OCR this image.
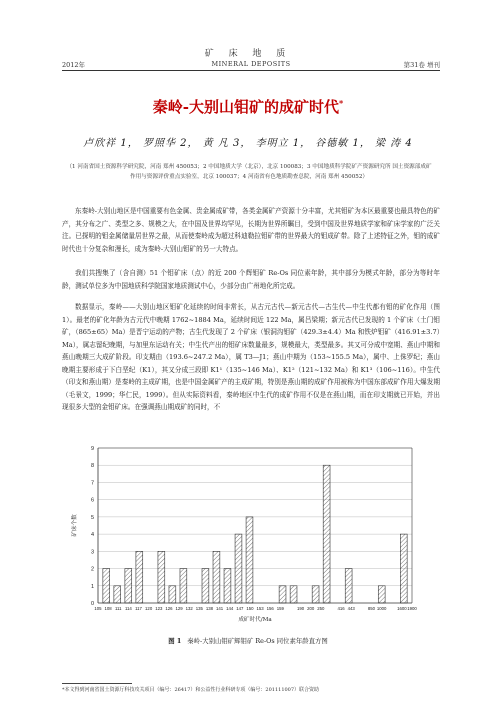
矿 床 地 质
2012年	MINERAL DEPOSITS	第31卷 增刊
秦岭-大别山钼矿的成矿时代*
卢欣祥 1， 罗照华 2， 黄 凡 3， 李明立 1， 谷德敏 1， 梁 涛 4
（1 河南省国土资源科学研究院，河南 郑州 450053；2 中国地质大学（北京），北京 100083；3 中国地质科学院矿产资源研究所 国土资源部成矿作用与资源评价重点实验室，北京 100037；4 河南省有色地质勘查总院，河南 郑州 450052）

东秦岭-大别山地区是中国重要有色金属、贵金属成矿带，各类金属矿产资源十分丰富，尤其钼矿为本区最重要也最具特色的矿产，其分布之广、类型之多、规模之大，在中国及世界均罕见，长期为世界所瞩目，受到中国及世界地质学家和矿床学家的广泛关注。已探明的钼金属储量居世界之最，从而使秦岭成为超过科迪勒拉钼矿带的世界最大的钼成矿带。除了上述特征之外，钼的成矿时代也十分复杂和漫长，成为秦岭-大别山钼矿的另一大特点。

我们共搜集了（含自测）51 个钼矿床（点）的近 200 个辉钼矿 Re-Os 同位素年龄，其中部分为模式年龄，部分为等时年龄，测试单位多为中国地质科学院国家地质测试中心，少部分由广州地化所完成。

数据显示，秦岭——大别山地区钼矿化延续的时间非常长，从古元古代—新元古代—古生代—中生代都有钼的矿化作用（图 1）。最老的矿化年龄为古元代中晚期 1762~1884 Ma，延续时间近 122 Ma，属吕梁期；新元古代已发现的 1 个矿床（土门钼矿，（865±65）Ma）是晋宁运动的产物；古生代发现了 2 个矿床（银洞沟钼矿（429.3±4.4）Ma 和铁炉钼矿（416.91±3.7）Ma），属志留纪晚期，与加里东运动有关；中生代产出的钼矿床数量最多，规模最大，类型最多。其又可分成中宽期、燕山中期和燕山晚期三大成矿阶段。印支期由（193.6~247.2 Ma），属 T3—J1；燕山中期为（153~155.5 Ma），属中、上侏罗纪；燕山晚期主要形成于下白垩纪（K1），其又分成三段即 K1¹（135~146 Ma）、K1²（121~132 Ma）和 K1³（106~116）。中生代（印支和燕山期）是秦岭的主成矿期，也是中国金属矿产的主成矿期，特别是燕山期的成矿作用被称为中国东部成矿作用大爆发期（毛景文，1999；华仁民，1999）。但从实际资料看，秦岭地区中生代的成矿作用不仅是在燕山期，而在印支期就已开始，并出现很多大型的金钼矿床。在强调燕山期成矿的同时，不

0
1
2
3
4
5
6
7
8
9
105 108 111 114 117 120 123 126 129 132 135 138 141 144 147 150 153 156 159	190 200 250	416 443	850 1000 1600 1900
成矿时代/Ma
矿床个数
图 1 秦岭-大别山钼矿辉钼矿 Re-Os 同位素年龄直方图
*本文得到河南省国土资源厅科技攻关项目（编号：26417）和公益性行业科研专项（编号：201111007）联合资助
